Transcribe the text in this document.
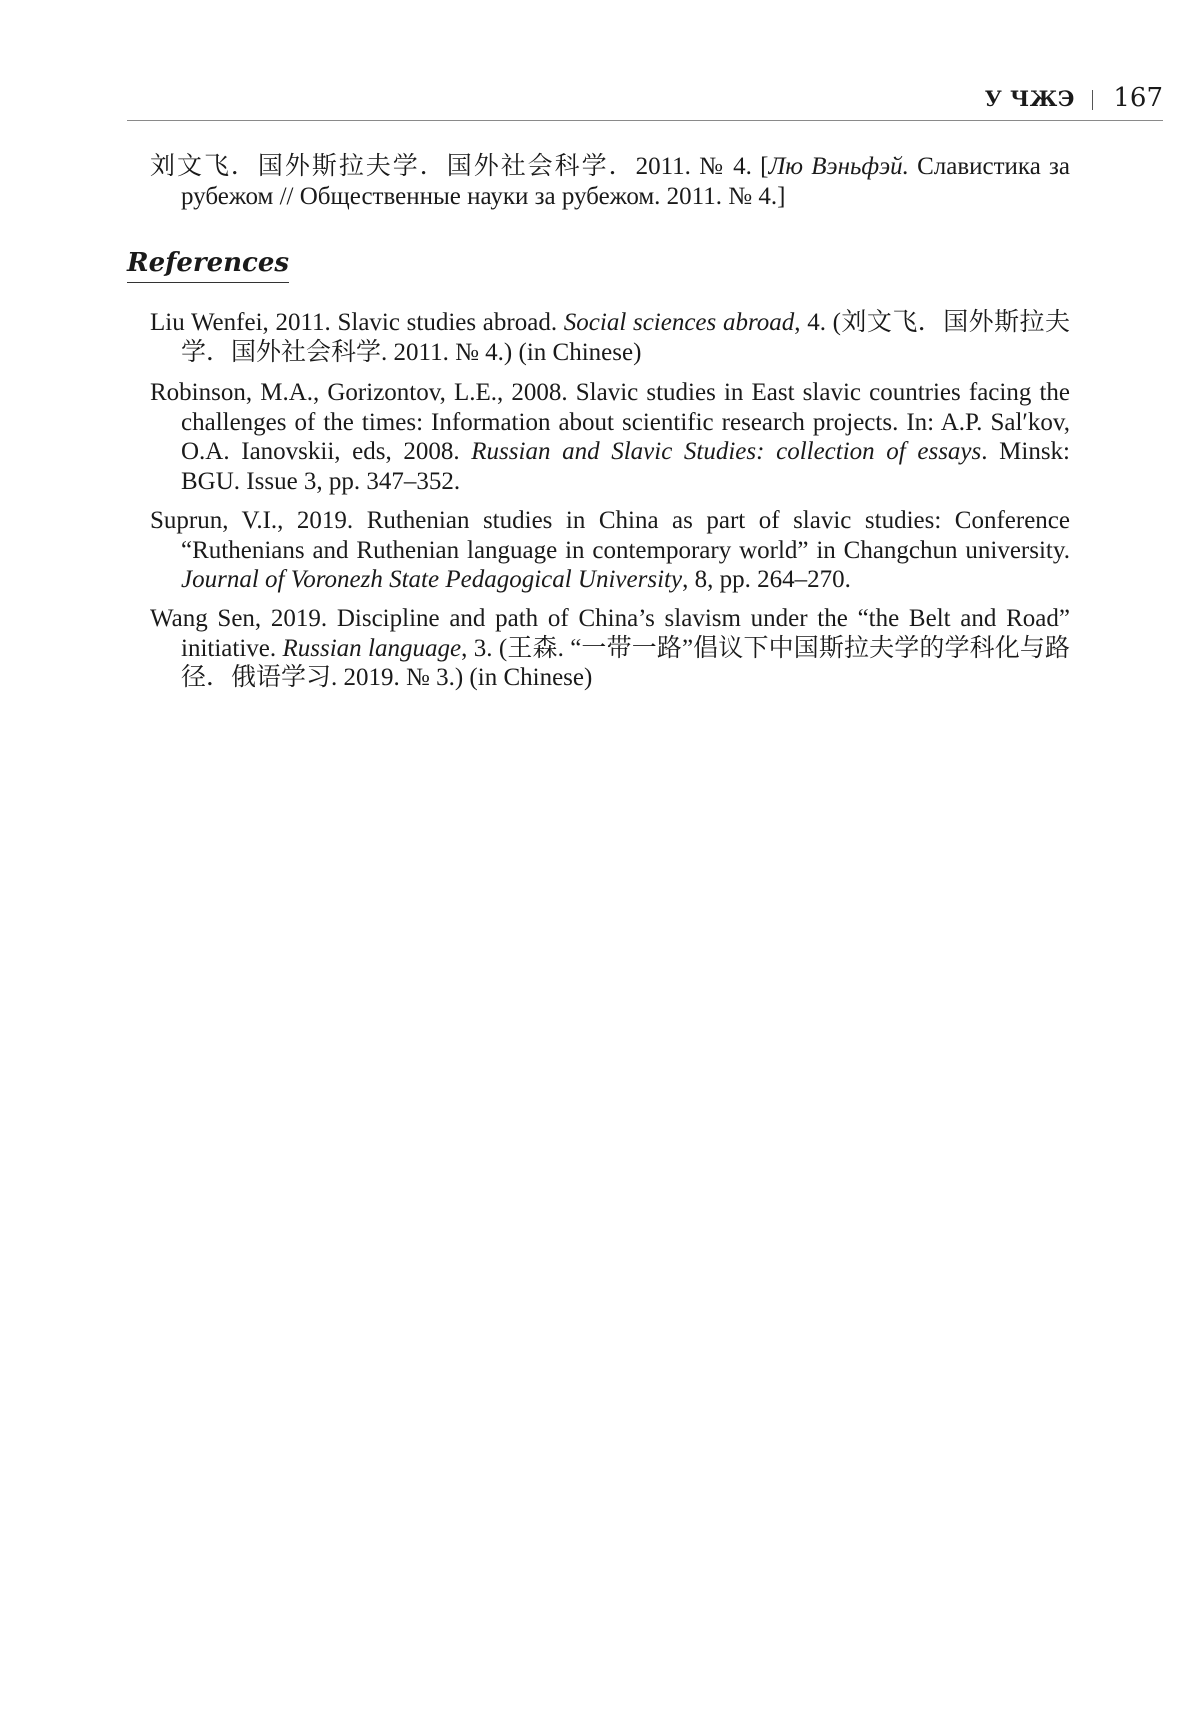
У ЧЖЭ 167
刘文飞．国外斯拉夫学．国外社会科学．2011. № 4. [Лю Вэньфэй. Славистика за рубежом // Общественные науки за рубежом. 2011. № 4.]
References
Liu Wenfei, 2011. Slavic studies abroad. Social sciences abroad, 4. (刘文飞．国外斯拉夫学．国外社会科学. 2011. № 4.) (in Chinese)
Robinson, M.A., Gorizontov, L.E., 2008. Slavic studies in East slavic countries facing the challenges of the times: Information about scientific research projects. In: A.P. Sal′kov, O.A. Ianovskii, eds, 2008. Russian and Slavic Studies: collection of essays. Minsk: BGU. Issue 3, pp. 347–352.
Suprun, V.I., 2019. Ruthenian studies in China as part of slavic studies: Conference “Ruthenians and Ruthenian language in contemporary world” in Changchun university. Journal of Voronezh State Pedagogical University, 8, pp. 264–270.
Wang Sen, 2019. Discipline and path of China’s slavism under the “the Belt and Road” initiative. Russian language, 3. (王森. “一带一路”倡议下中国斯拉夫学的学科化与路径．俄语学习. 2019. № 3.) (in Chinese)
